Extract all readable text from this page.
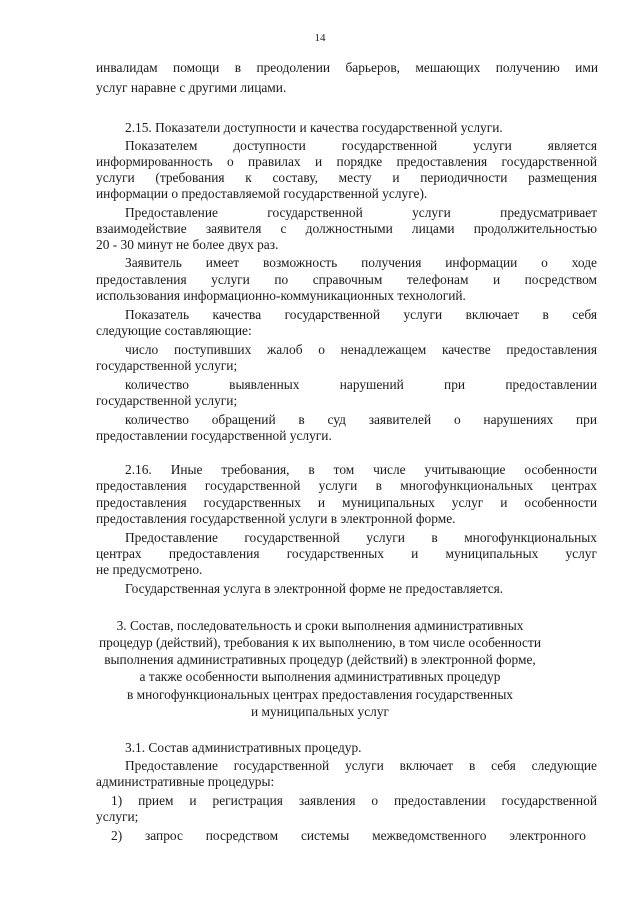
14
инвалидам помощи в преодолении барьеров, мешающих получению ими
услуг наравне с другими лицами.
2.15. Показатели доступности и качества государственной услуги.
Показателем доступности государственной услуги является
информированность о правилах и порядке предоставления государственной
услуги (требования к составу, месту и периодичности размещения
информации о предоставляемой государственной услуге).
Предоставление государственной услуги предусматривает
взаимодействие заявителя с должностными лицами продолжительностью
20 - 30 минут не более двух раз.
Заявитель имеет возможность получения информации о ходе
предоставления услуги по справочным телефонам и посредством
использования информационно-коммуникационных технологий.
Показатель качества государственной услуги включает в себя
следующие составляющие:
число поступивших жалоб о ненадлежащем качестве предоставления
государственной услуги;
количество выявленных нарушений при предоставлении
государственной услуги;
количество обращений в суд заявителей о нарушениях при
предоставлении государственной услуги.
2.16. Иные требования, в том числе учитывающие особенности
предоставления государственной услуги в многофункциональных центрах
предоставления государственных и муниципальных услуг и особенности
предоставления государственной услуги в электронной форме.
Предоставление государственной услуги в многофункциональных
центрах предоставления государственных и муниципальных услуг
не предусмотрено.
Государственная услуга в электронной форме не предоставляется.
3. Состав, последовательность и сроки выполнения административных
процедур (действий), требования к их выполнению, в том числе особенности
выполнения административных процедур (действий) в электронной форме,
а также особенности выполнения административных процедур
в многофункциональных центрах предоставления государственных
и муниципальных услуг
3.1. Состав административных процедур.
Предоставление государственной услуги включает в себя следующие
административные процедуры:
1) прием и регистрация заявления о предоставлении государственной
услуги;
2) запрос посредством системы межведомственного электронного
